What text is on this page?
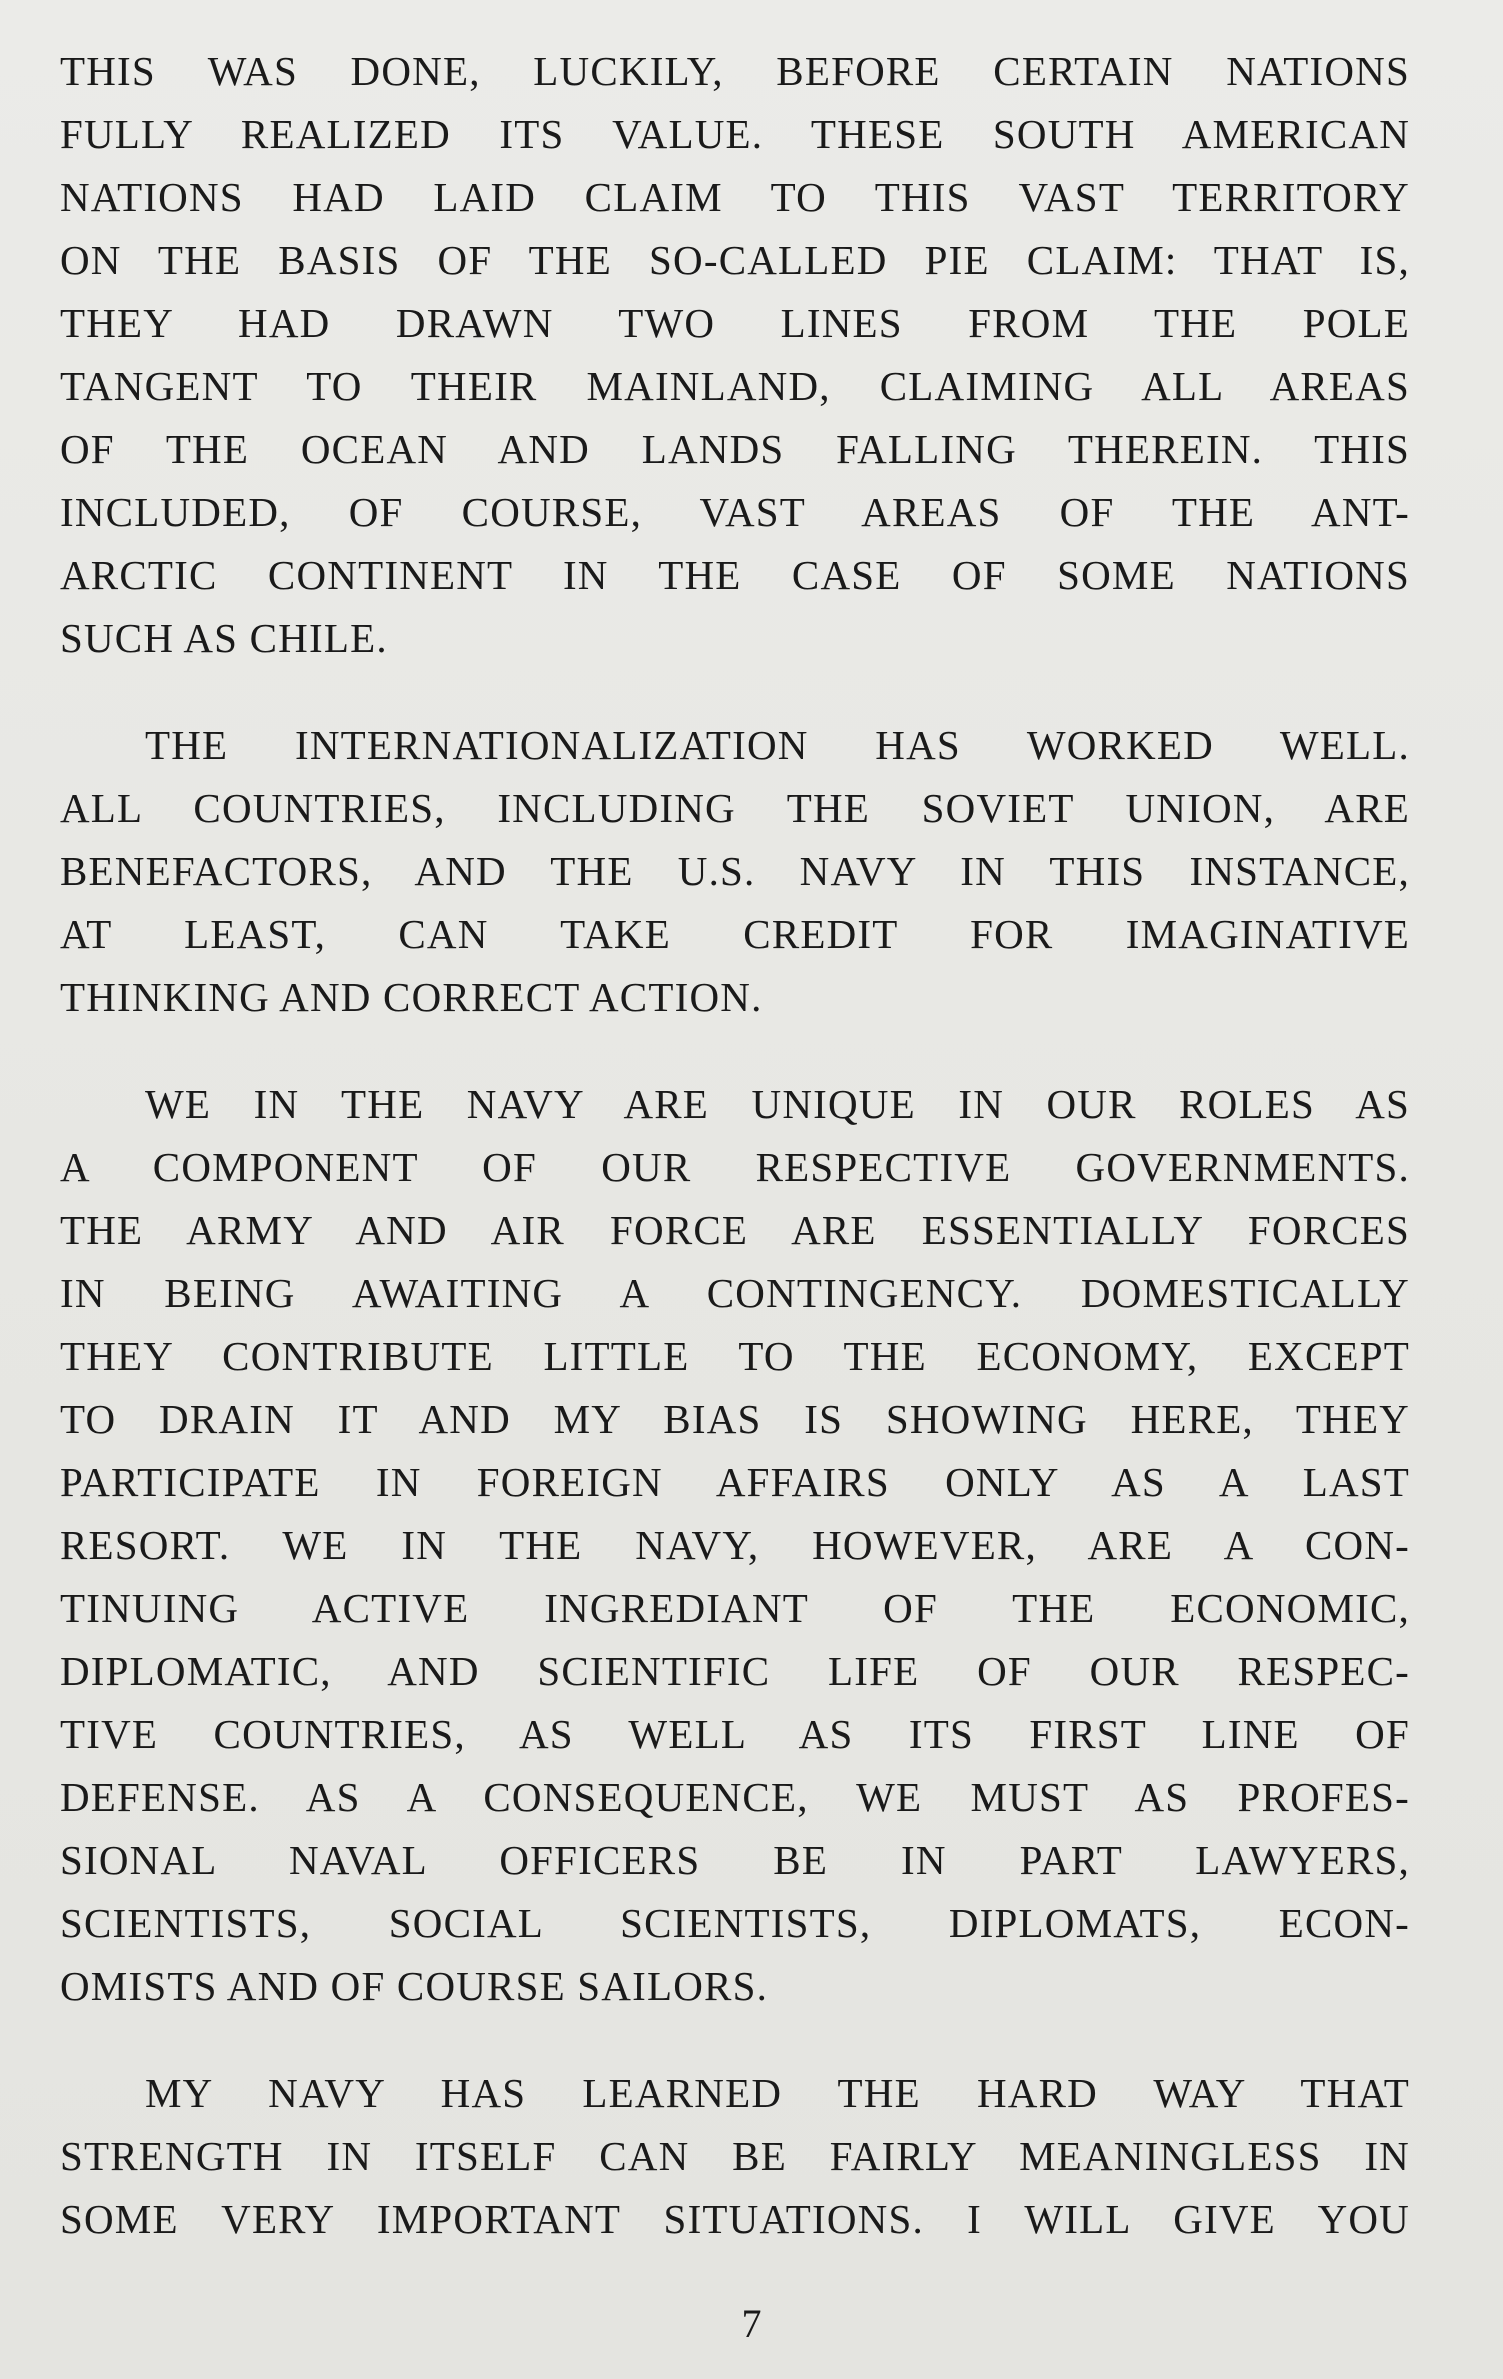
THIS WAS DONE, LUCKILY, BEFORE CERTAIN NATIONS
FULLY REALIZED ITS VALUE. THESE SOUTH AMERICAN
NATIONS HAD LAID CLAIM TO THIS VAST TERRITORY
ON THE BASIS OF THE SO-CALLED PIE CLAIM: THAT IS,
THEY HAD DRAWN TWO LINES FROM THE POLE
TANGENT TO THEIR MAINLAND, CLAIMING ALL AREAS
OF THE OCEAN AND LANDS FALLING THEREIN. THIS
INCLUDED, OF COURSE, VAST AREAS OF THE ANT-
ARCTIC CONTINENT IN THE CASE OF SOME NATIONS
SUCH AS CHILE.
THE INTERNATIONALIZATION HAS WORKED WELL.
ALL COUNTRIES, INCLUDING THE SOVIET UNION, ARE
BENEFACTORS, AND THE U.S. NAVY IN THIS INSTANCE,
AT LEAST, CAN TAKE CREDIT FOR IMAGINATIVE
THINKING AND CORRECT ACTION.
WE IN THE NAVY ARE UNIQUE IN OUR ROLES AS
A COMPONENT OF OUR RESPECTIVE GOVERNMENTS.
THE ARMY AND AIR FORCE ARE ESSENTIALLY FORCES
IN BEING AWAITING A CONTINGENCY. DOMESTICALLY
THEY CONTRIBUTE LITTLE TO THE ECONOMY, EXCEPT
TO DRAIN IT AND MY BIAS IS SHOWING HERE, THEY
PARTICIPATE IN FOREIGN AFFAIRS ONLY AS A LAST
RESORT. WE IN THE NAVY, HOWEVER, ARE A CON-
TINUING ACTIVE INGREDIANT OF THE ECONOMIC,
DIPLOMATIC, AND SCIENTIFIC LIFE OF OUR RESPEC-
TIVE COUNTRIES, AS WELL AS ITS FIRST LINE OF
DEFENSE. AS A CONSEQUENCE, WE MUST AS PROFES-
SIONAL NAVAL OFFICERS BE IN PART LAWYERS,
SCIENTISTS, SOCIAL SCIENTISTS, DIPLOMATS, ECON-
OMISTS AND OF COURSE SAILORS.
MY NAVY HAS LEARNED THE HARD WAY THAT
STRENGTH IN ITSELF CAN BE FAIRLY MEANINGLESS IN
SOME VERY IMPORTANT SITUATIONS. I WILL GIVE YOU
7
